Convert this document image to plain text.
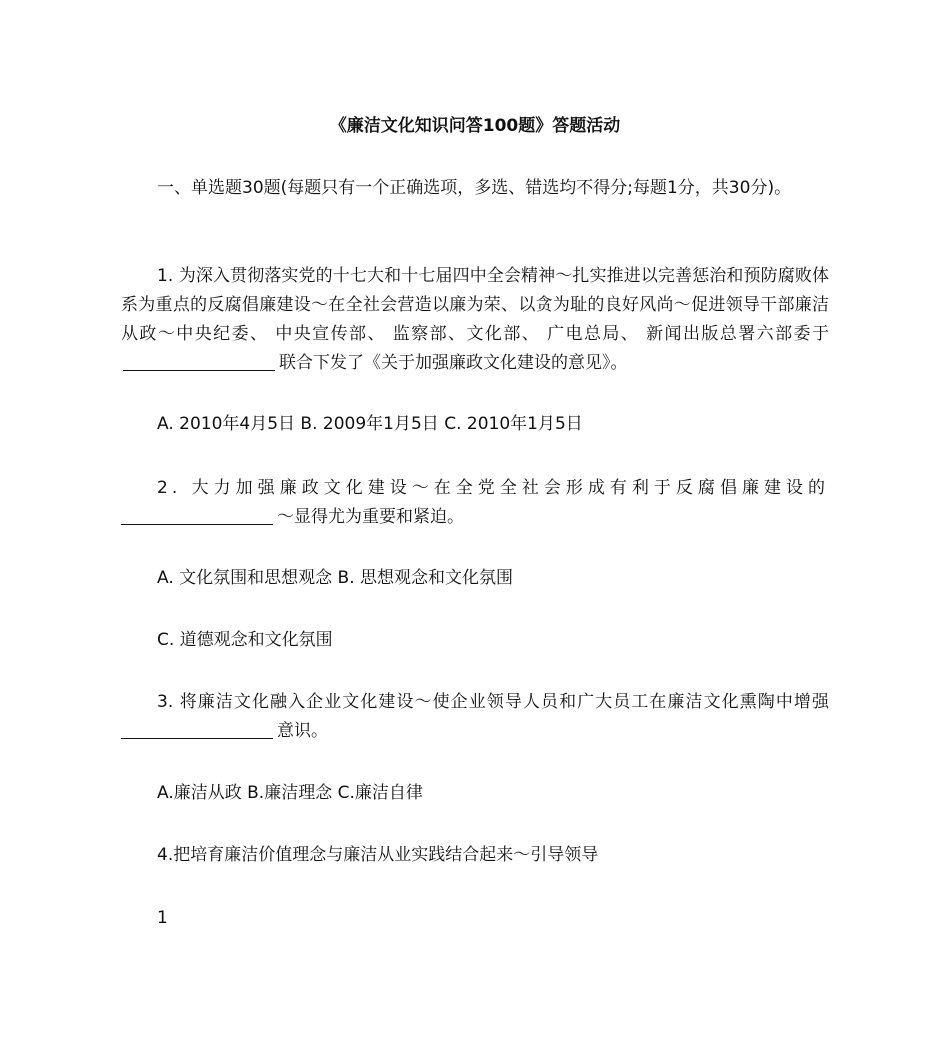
《廉洁文化知识问答100题》答题活动

一、单选题30题(每题只有一个正确选项，多选、错选均不得分;每题1分，共30分)。

1. 为深入贯彻落实党的十七大和十七届四中全会精神～扎实推进以完善惩治和预防腐败体系为重点的反腐倡廉建设～在全社会营造以廉为荣、以贪为耻的良好风尚～促进领导干部廉洁从政～中央纪委、 中央宣传部、 监察部、文化部、 广电总局、 新闻出版总署六部委于联合下发了《关于加强廉政文化建设的意见》。

A. 2010年4月5日 B. 2009年1月5日 C. 2010年1月5日

2. 大力加强廉政文化建设～在全党全社会形成有利于反腐倡廉建设的～显得尤为重要和紧迫。

A. 文化氛围和思想观念 B. 思想观念和文化氛围

C. 道德观念和文化氛围

3. 将廉洁文化融入企业文化建设～使企业领导人员和广大员工在廉洁文化熏陶中增强意识。

A.廉洁从政 B.廉洁理念 C.廉洁自律

4.把培育廉洁价值理念与廉洁从业实践结合起来～引导领导

1
